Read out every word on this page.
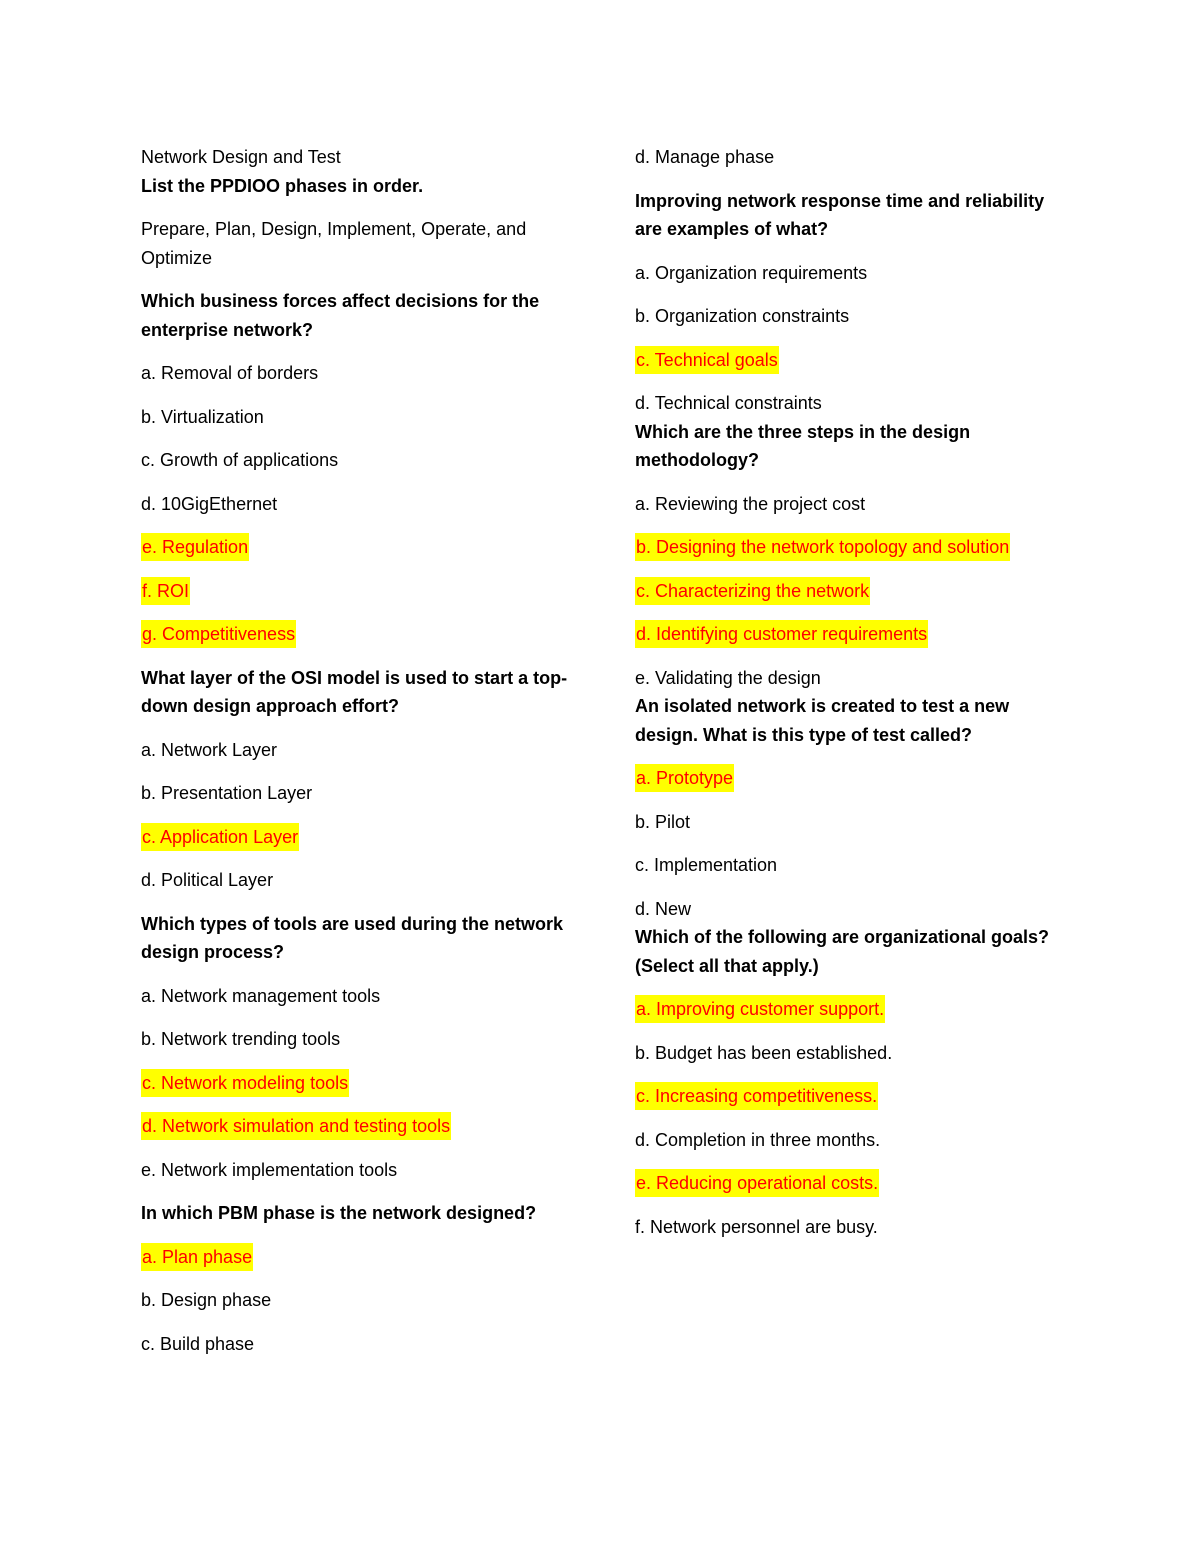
Network Design and Test
List the PPDIOO phases in order.
Prepare, Plan, Design, Implement, Operate, and Optimize
Which business forces affect decisions for the enterprise network?
a. Removal of borders
b. Virtualization
c. Growth of applications
d. 10GigEthernet
e. Regulation
f. ROI
g. Competitiveness
What layer of the OSI model is used to start a top-down design approach effort?
a. Network Layer
b. Presentation Layer
c. Application Layer
d. Political Layer
Which types of tools are used during the network design process?
a. Network management tools
b. Network trending tools
c. Network modeling tools
d. Network simulation and testing tools
e. Network implementation tools
In which PBM phase is the network designed?
a. Plan phase
b. Design phase
c. Build phase
d. Manage phase
Improving network response time and reliability are examples of what?
a. Organization requirements
b. Organization constraints
c. Technical goals
d. Technical constraints
Which are the three steps in the design methodology?
a. Reviewing the project cost
b. Designing the network topology and solution
c. Characterizing the network
d. Identifying customer requirements
e. Validating the design
An isolated network is created to test a new design. What is this type of test called?
a. Prototype
b. Pilot
c. Implementation
d. New
Which of the following are organizational goals? (Select all that apply.)
a. Improving customer support.
b. Budget has been established.
c. Increasing competitiveness.
d. Completion in three months.
e. Reducing operational costs.
f. Network personnel are busy.
